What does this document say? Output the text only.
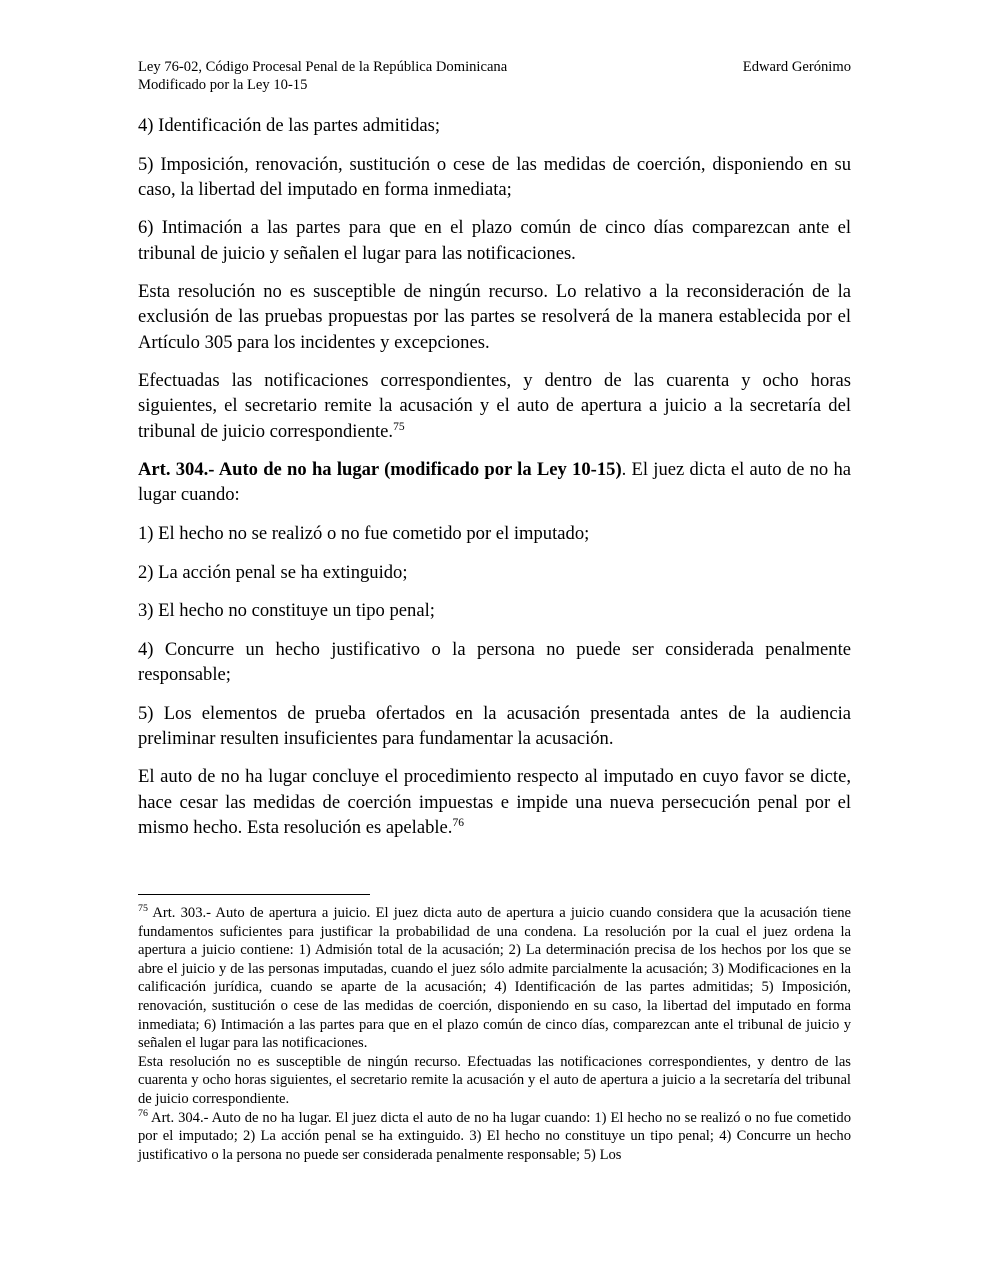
Ley 76-02, Código Procesal Penal de la República Dominicana
Modificado por la Ley 10-15
Edward Gerónimo

4) Identificación de las partes admitidas;

5) Imposición, renovación, sustitución o cese de las medidas de coerción, disponiendo en su caso, la libertad del imputado en forma inmediata;

6) Intimación a las partes para que en el plazo común de cinco días comparezcan ante el tribunal de juicio y señalen el lugar para las notificaciones.

Esta resolución no es susceptible de ningún recurso. Lo relativo a la reconsideración de la exclusión de las pruebas propuestas por las partes se resolverá de la manera establecida por el Artículo 305 para los incidentes y excepciones.

Efectuadas las notificaciones correspondientes, y dentro de las cuarenta y ocho horas siguientes, el secretario remite la acusación y el auto de apertura a juicio a la secretaría del tribunal de juicio correspondiente.$^{75}$

Art. 304.- Auto de no ha lugar (modificado por la Ley 10-15). El juez dicta el auto de no ha lugar cuando:

1) El hecho no se realizó o no fue cometido por el imputado;

2) La acción penal se ha extinguido;

3) El hecho no constituye un tipo penal;

4) Concurre un hecho justificativo o la persona no puede ser considerada penalmente responsable;

5) Los elementos de prueba ofertados en la acusación presentada antes de la audiencia preliminar resulten insuficientes para fundamentar la acusación.

El auto de no ha lugar concluye el procedimiento respecto al imputado en cuyo favor se dicte, hace cesar las medidas de coerción impuestas e impide una nueva persecución penal por el mismo hecho. Esta resolución es apelable.$^{76}$

$^{75}$ Art. 303.- Auto de apertura a juicio. El juez dicta auto de apertura a juicio cuando considera que la acusación tiene fundamentos suficientes para justificar la probabilidad de una condena. La resolución por la cual el juez ordena la apertura a juicio contiene: 1) Admisión total de la acusación; 2) La determinación precisa de los hechos por los que se abre el juicio y de las personas imputadas, cuando el juez sólo admite parcialmente la acusación; 3) Modificaciones en la calificación jurídica, cuando se aparte de la acusación; 4) Identificación de las partes admitidas; 5) Imposición, renovación, sustitución o cese de las medidas de coerción, disponiendo en su caso, la libertad del imputado en forma inmediata; 6) Intimación a las partes para que en el plazo común de cinco días, comparezcan ante el tribunal de juicio y señalen el lugar para las notificaciones.

Esta resolución no es susceptible de ningún recurso. Efectuadas las notificaciones correspondientes, y dentro de las cuarenta y ocho horas siguientes, el secretario remite la acusación y el auto de apertura a juicio a la secretaría del tribunal de juicio correspondiente.

$^{76}$ Art. 304.- Auto de no ha lugar. El juez dicta el auto de no ha lugar cuando: 1) El hecho no se realizó o no fue cometido por el imputado; 2) La acción penal se ha extinguido. 3) El hecho no constituye un tipo penal; 4) Concurre un hecho justificativo o la persona no puede ser considerada penalmente responsable; 5) Los
